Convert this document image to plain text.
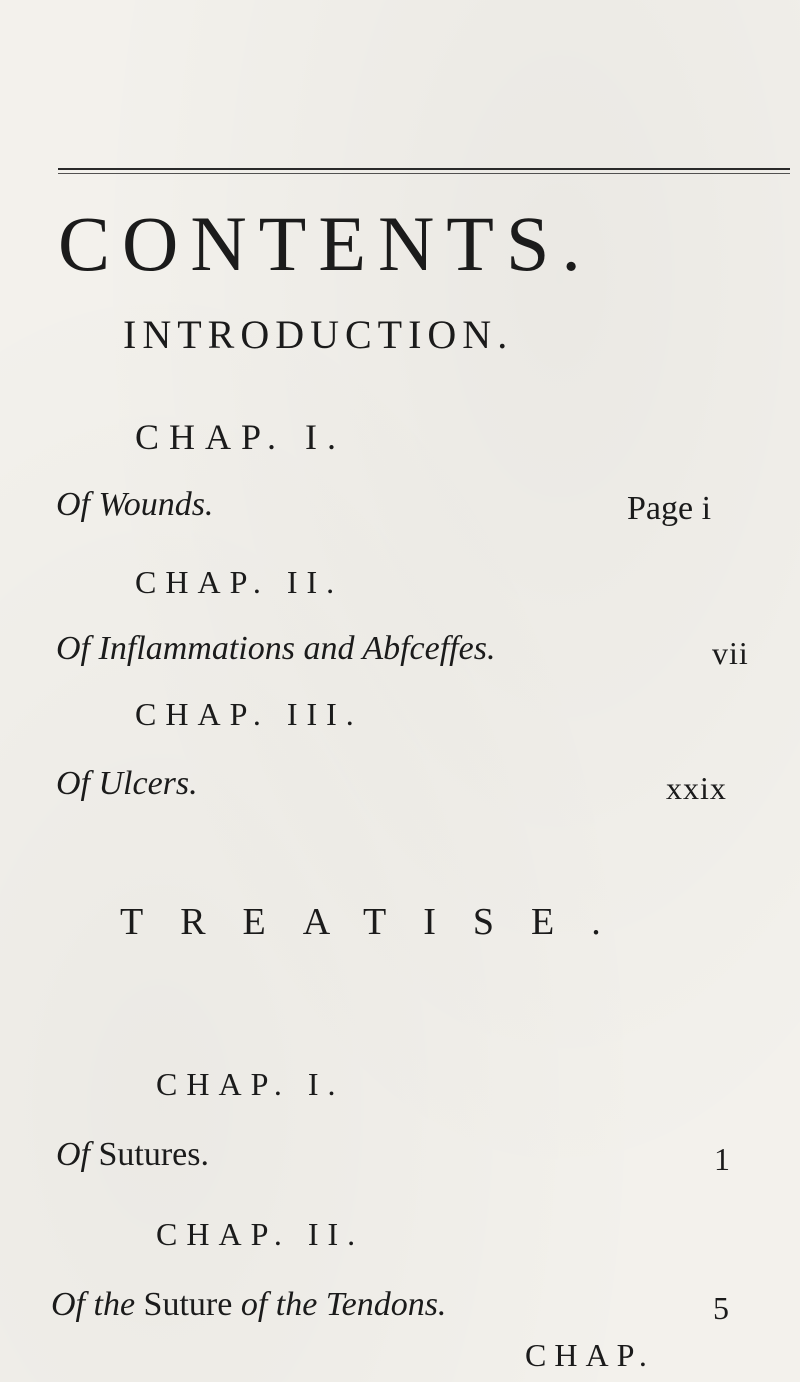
CONTENTS.
INTRODUCTION.
CHAP. I.
Of Wounds.	Page i
CHAP. II.
Of Inflammations and Abfceffes.	vii
CHAP. III.
Of Ulcers.	xxix
TREATISE.
CHAP. I.
Of Sutures.	1
CHAP. II.
Of the Suture of the Tendons.	5
CHAP.
